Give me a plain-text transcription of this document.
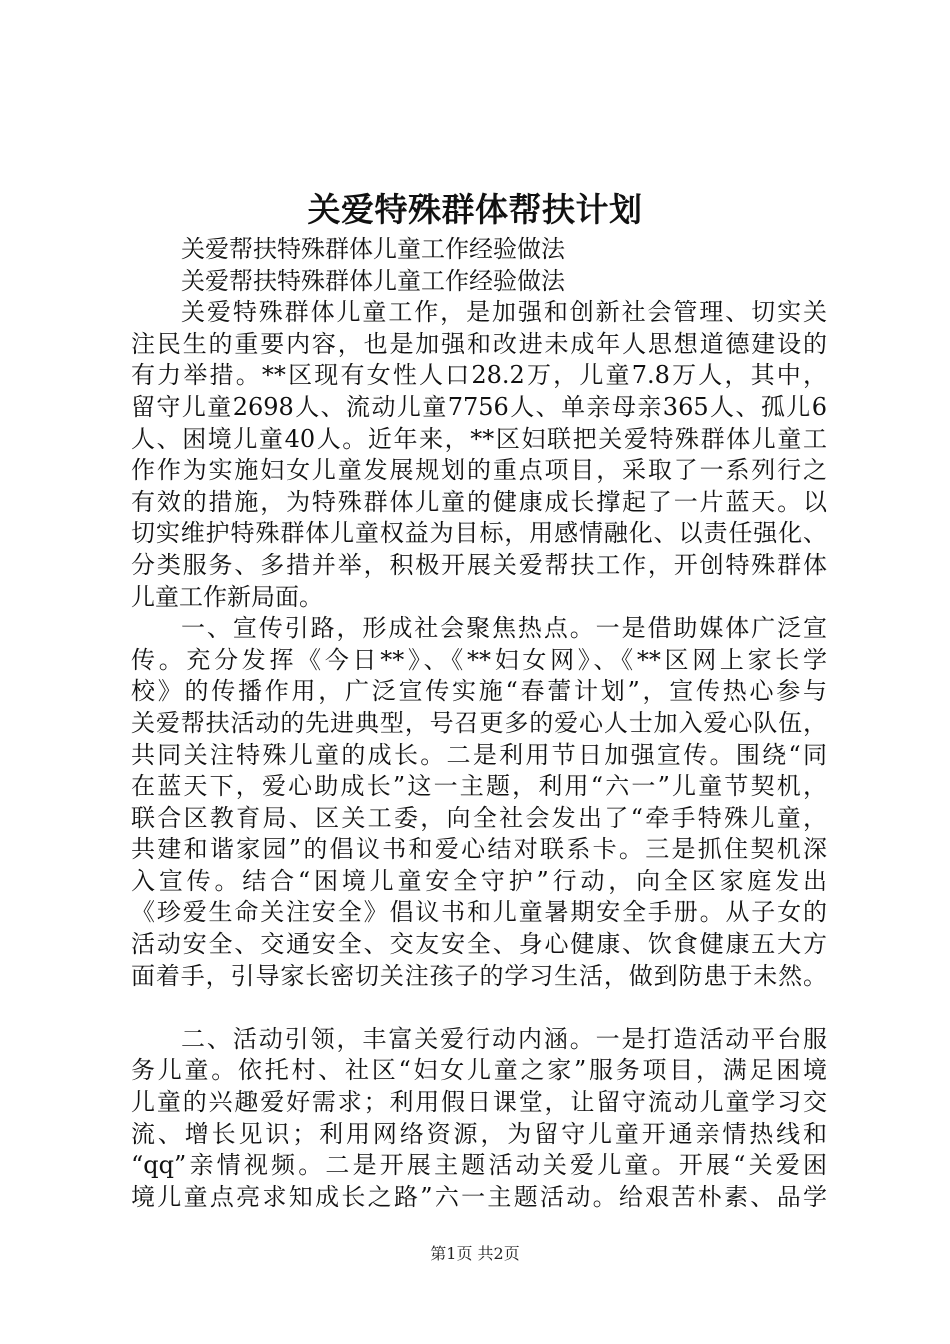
关爱特殊群体帮扶计划
关爱帮扶特殊群体儿童工作经验做法
关爱帮扶特殊群体儿童工作经验做法
关爱特殊群体儿童工作，是加强和创新社会管理、切实关
注民生的重要内容，也是加强和改进未成年人思想道德建设的
有力举措。**区现有女性人口28.2万，儿童7.8万人，其中，
留守儿童2698人、流动儿童7756人、单亲母亲365人、孤儿6
人、困境儿童40人。近年来，**区妇联把关爱特殊群体儿童工
作作为实施妇女儿童发展规划的重点项目，采取了一系列行之
有效的措施，为特殊群体儿童的健康成长撑起了一片蓝天。以
切实维护特殊群体儿童权益为目标，用感情融化、以责任强化、
分类服务、多措并举，积极开展关爱帮扶工作，开创特殊群体
儿童工作新局面。
一、宣传引路，形成社会聚焦热点。一是借助媒体广泛宣
传。充分发挥《今日**》、《**妇女网》、《**区网上家长学
校》的传播作用，广泛宣传实施“春蕾计划”，宣传热心参与
关爱帮扶活动的先进典型，号召更多的爱心人士加入爱心队伍，
共同关注特殊儿童的成长。二是利用节日加强宣传。围绕“同
在蓝天下，爱心助成长”这一主题，利用“六一”儿童节契机，
联合区教育局、区关工委，向全社会发出了“牵手特殊儿童，
共建和谐家园”的倡议书和爱心结对联系卡。三是抓住契机深
入宣传。结合“困境儿童安全守护”行动，向全区家庭发出
《珍爱生命关注安全》倡议书和儿童暑期安全手册。从子女的
活动安全、交通安全、交友安全、身心健康、饮食健康五大方
面着手，引导家长密切关注孩子的学习生活，做到防患于未然。
二、活动引领，丰富关爱行动内涵。一是打造活动平台服
务儿童。依托村、社区“妇女儿童之家”服务项目，满足困境
儿童的兴趣爱好需求；利用假日课堂，让留守流动儿童学习交
流、增长见识；利用网络资源，为留守儿童开通亲情热线和
“qq”亲情视频。二是开展主题活动关爱儿童。开展“关爱困
境儿童点亮求知成长之路”六一主题活动。给艰苦朴素、品学
第1页 共2页
